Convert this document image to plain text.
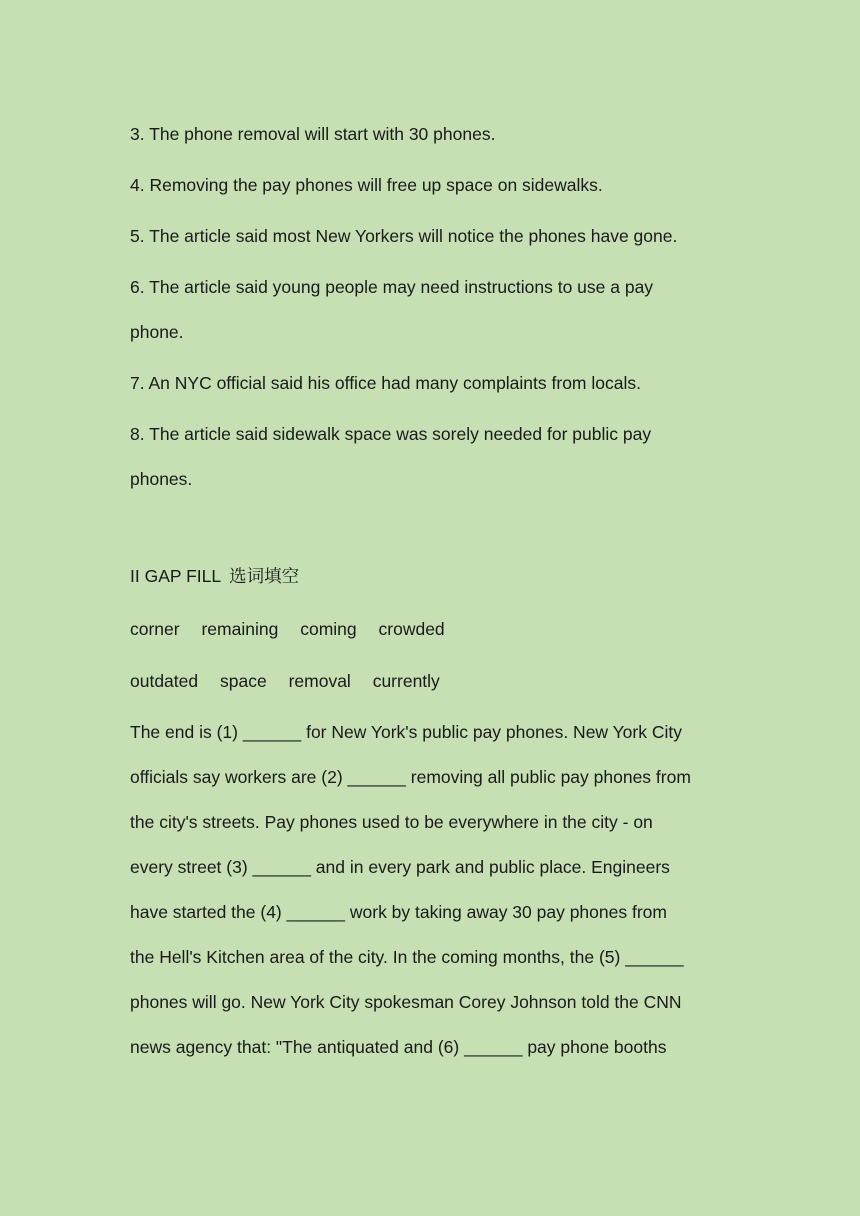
3. The phone removal will start with 30 phones.
4. Removing the pay phones will free up space on sidewalks.
5. The article said most New Yorkers will notice the phones have gone.
6. The article said young people may need instructions to use a pay
phone.
7. An NYC official said his office had many complaints from locals.
8. The article said sidewalk space was sorely needed for public pay
phones.
II GAP FILL 选词填空
corner remaining coming crowded
outdated space removal currently
The end is (1) ______ for New York's public pay phones. New York City
officials say workers are (2) ______ removing all public pay phones from
the city's streets. Pay phones used to be everywhere in the city - on
every street (3) ______ and in every park and public place. Engineers
have started the (4) ______ work by taking away 30 pay phones from
the Hell's Kitchen area of the city. In the coming months, the (5) ______
phones will go. New York City spokesman Corey Johnson told the CNN
news agency that: "The antiquated and (6) ______ pay phone booths
